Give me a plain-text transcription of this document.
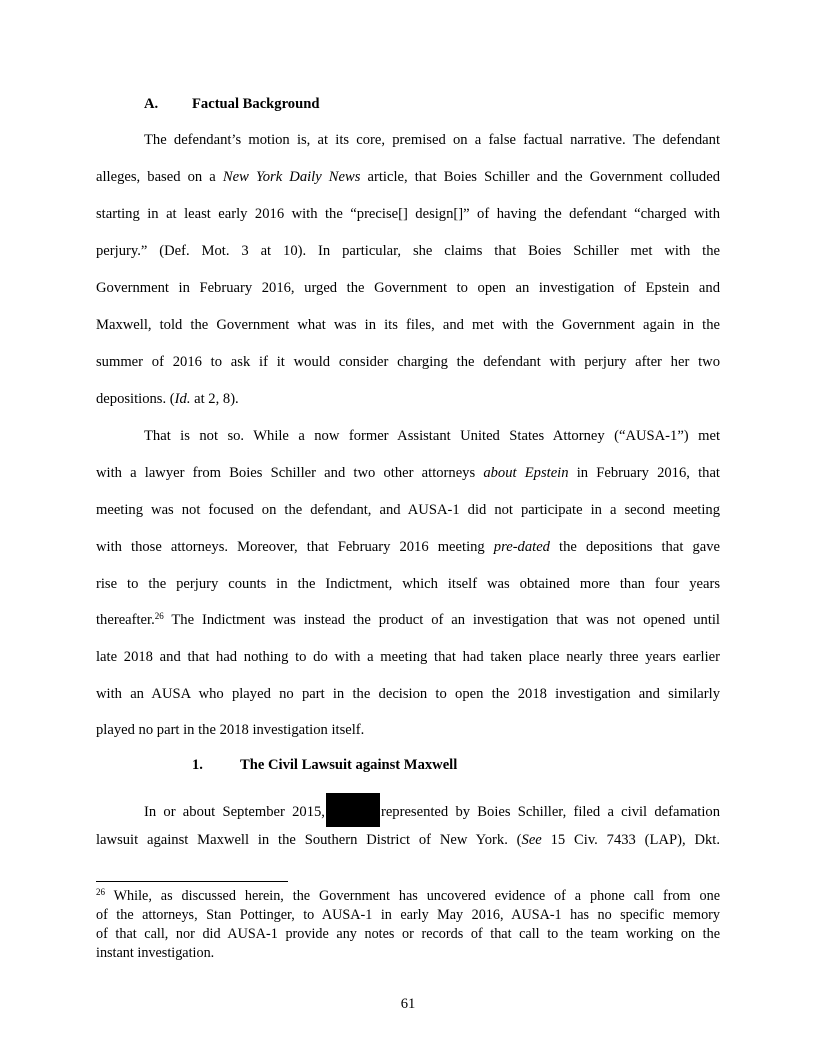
A. Factual Background
The defendant’s motion is, at its core, premised on a false factual narrative. The defendant
alleges, based on a New York Daily News article, that Boies Schiller and the Government colluded
starting in at least early 2016 with the “precise[] design[]” of having the defendant “charged with
perjury.” (Def. Mot. 3 at 10). In particular, she claims that Boies Schiller met with the
Government in February 2016, urged the Government to open an investigation of Epstein and
Maxwell, told the Government what was in its files, and met with the Government again in the
summer of 2016 to ask if it would consider charging the defendant with perjury after her two
depositions. (Id. at 2, 8).
That is not so. While a now former Assistant United States Attorney (“AUSA-1”) met
with a lawyer from Boies Schiller and two other attorneys about Epstein in February 2016, that
meeting was not focused on the defendant, and AUSA-1 did not participate in a second meeting
with those attorneys. Moreover, that February 2016 meeting pre-dated the depositions that gave
rise to the perjury counts in the Indictment, which itself was obtained more than four years
thereafter.$^{26}$ The Indictment was instead the product of an investigation that was not opened until
late 2018 and that had nothing to do with a meeting that had taken place nearly three years earlier
with an AUSA who played no part in the decision to open the 2018 investigation and similarly
played no part in the 2018 investigation itself.
1.	The Civil Lawsuit against Maxwell
In or about September 2015,	represented by Boies Schiller, filed a civil defamation
lawsuit against Maxwell in the Southern District of New York. (See 15 Civ. 7433 (LAP), Dkt.
$^{26}$ While, as discussed herein, the Government has uncovered evidence of a phone call from one
of the attorneys, Stan Pottinger, to AUSA-1 in early May 2016, AUSA-1 has no specific memory
of that call, nor did AUSA-1 provide any notes or records of that call to the team working on the
instant investigation.
61
